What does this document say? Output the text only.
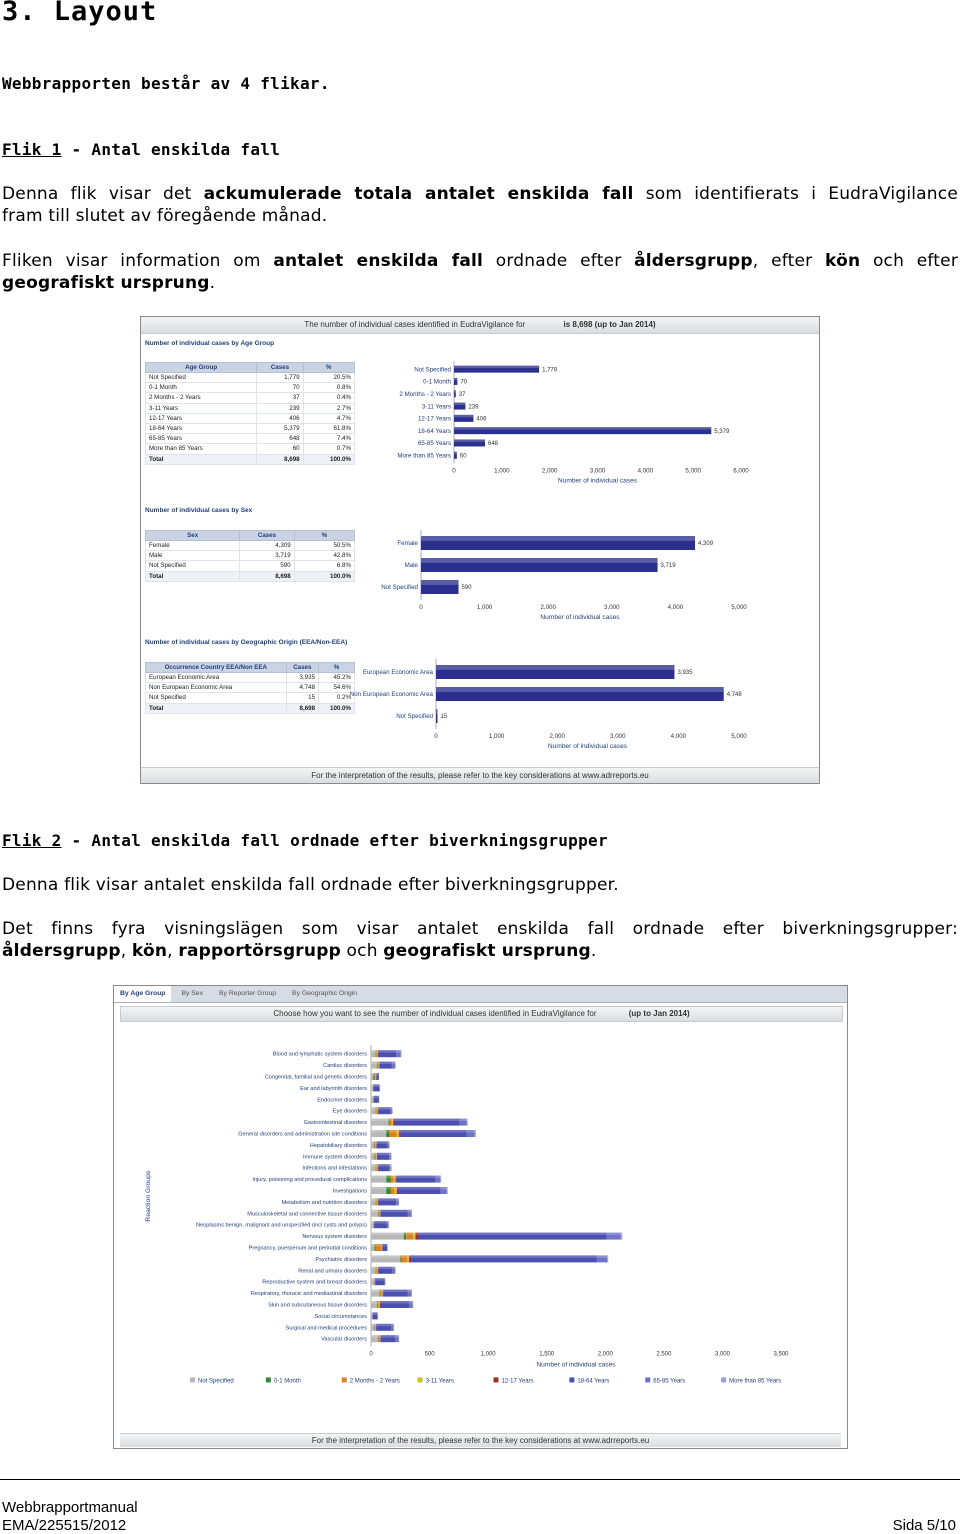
3. Layout

Webbrapporten består av 4 flikar.

Flik 1 - Antal enskilda fall

Denna flik visar det ackumulerade totala antalet enskilda fall som identifierats i EudraVigilance
fram till slutet av föregående månad.
Fliken visar information om antalet enskilda fall ordnade efter åldersgrupp, efter kön och efter
geografiskt ursprung.
The number of individual cases identified in EudraVigilance for	is 8,698 (up to Jan 2014)
Number of individual cases by Age Group
Age Group	Cases	%
Not Specified	1,779	20.5%
0-1 Month	70	0.8%
2 Months - 2 Years	37	0.4%
3-11 Years	239	2.7%
12-17 Years	406	4.7%
18-64 Years	5,379	61.8%
65-85 Years	648	7.4%
More than 85 Years	60	0.7%
Total	8,698	100.0%
Not Specified	1,779
0-1 Month 70
2 Months - 2 Years 37
3-11 Years	239
12-17 Years	406
18-64 Years	5,379
65-85 Years	648
More than 85 Years 60
0	1,000	2,000	3,000	4,000	5,000	6,000
Number of individual cases
Number of individual cases by Sex
Sex	Cases	%
Female	4,309	50.5%
Male	3,719	42.8%
Not Specified	590	6.8%
Total	8,698	100.0%
Female	4,309
Male	3,719
Not Specified	590
0	1,000	2,000	3,000	4,000	5,000
Number of individual cases
Number of individual cases by Geographic Origin (EEA/Non-EEA)
Occurrence Country EEA/Non EEA	Cases	%
European Economic Area	3,935	45.2%
Non European Economic Area	4,748	54.6%
Not Specified	15	0.2%
Total	8,698	100.0%
European Economic Area	3,935
Non European Economic Area	4,748
Not Specified 15
0	1,000	2,000	3,000	4,000	5,000
Number of individual cases
For the interpretation of the results, please refer to the key considerations at www.adrreports.eu

Flik 2 - Antal enskilda fall ordnade efter biverkningsgrupper

Denna flik visar antalet enskilda fall ordnade efter biverkningsgrupper.

Det finns fyra visningslägen som visar antalet enskilda fall ordnade efter biverkningsgrupper:
åldersgrupp, kön, rapportörsgrupp och geografiskt ursprung.
By Age Group	By Sex	By Reporter Group	By Geographic Origin
Choose how you want to see the number of individual cases identified in EudraVigilance for	(up to Jan 2014)
Reaction Groups
Blood and lymphatic system disorders
Cardiac disorders
Congenital, familial and genetic disorders
Ear and labyrinth disorders
Endocrine disorders
Eye disorders
Gastrointestinal disorders
General disorders and administration site conditions
Hepatobiliary disorders
Immune system disorders
Infections and infestations
Injury, poisoning and procedural complications
Investigations
Metabolism and nutrition disorders
Musculoskeletal and connective tissue disorders
Neoplasms benign, malignant and unspecified (incl cysts and polyps)
Nervous system disorders
Pregnancy, puerperium and perinatal conditions
Psychiatric disorders
Renal and urinary disorders
Reproductive system and breast disorders
Respiratory, thoracic and mediastinal disorders
Skin and subcutaneous tissue disorders
Social circumstances
Surgical and medical procedures
Vascular disorders
0	500	1,000	1,500	2,000	2,500	3,000	3,500
Number of individual cases
Not Specified	0-1 Month	2 Months - 2 Years	3-11 Years	12-17 Years	18-64 Years	65-85 Years	More than 85 Years
For the interpretation of the results, please refer to the key considerations at www.adrreports.eu
Webbrapportmanual
EMA/225515/2012	Sida 5/10
